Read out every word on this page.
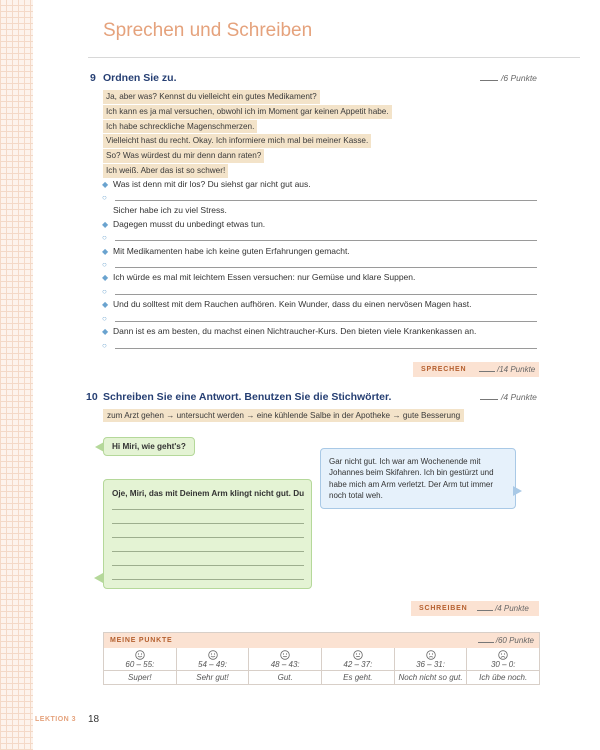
Sprechen und Schreiben
9 Ordnen Sie zu.	/6 Punkte
Ja, aber was? Kennst du vielleicht ein gutes Medikament?
Ich kann es ja mal versuchen, obwohl ich im Moment gar keinen Appetit habe.
Ich habe schreckliche Magenschmerzen.
Vielleicht hast du recht. Okay. Ich informiere mich mal bei meiner Kasse.
So? Was würdest du mir denn dann raten?
Ich weiß. Aber das ist so schwer!
◆ Was ist denn mit dir los? Du siehst gar nicht gut aus.
○
Sicher habe ich zu viel Stress.
◆ Dagegen musst du unbedingt etwas tun.
○
◆ Mit Medikamenten habe ich keine guten Erfahrungen gemacht.
○
◆ Ich würde es mal mit leichtem Essen versuchen: nur Gemüse und klare Suppen.
○
◆ Und du solltest mit dem Rauchen aufhören. Kein Wunder, dass du einen nervösen Magen hast.
○
◆ Dann ist es am besten, du machst einen Nichtraucher-Kurs. Den bieten viele Krankenkassen an.
○
SPRECHEN	/14 Punkte
10 Schreiben Sie eine Antwort. Benutzen Sie die Stichwörter.	/4 Punkte
zum Arzt gehen → untersucht werden → eine kühlende Salbe in der Apotheke → gute Besserung
Hi Miri, wie geht's?
Gar nicht gut. Ich war am Wochenende mit Johannes beim Skifahren. Ich bin gestürzt und habe mich am Arm verletzt. Der Arm tut immer noch total weh.
Oje, Miri, das mit Deinem Arm klingt nicht gut. Du
SCHREIBEN	/4 Punkte
MEINE PUNKTE	/60 Punkte
60 – 55:	54 – 49:	48 – 43:	42 – 37:	36 – 31:	30 – 0:
Super!	Sehr gut!	Gut.	Es geht.	Noch nicht so gut.	Ich übe noch.
LEKTION 3 18
